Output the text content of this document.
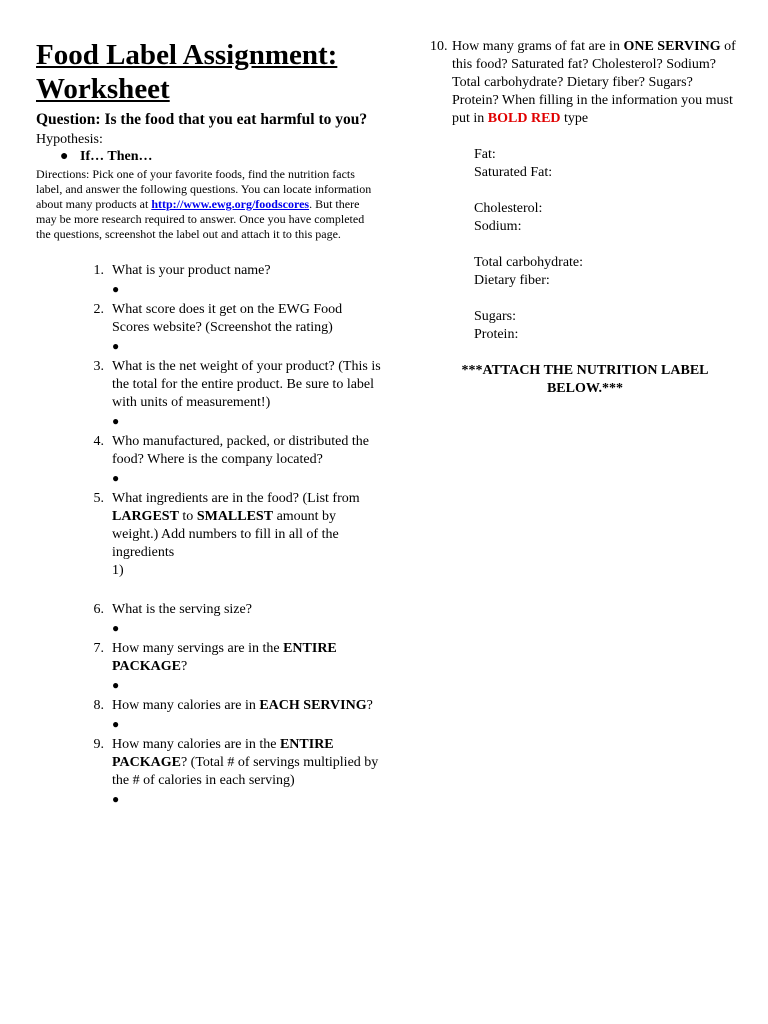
Food Label Assignment:
Worksheet
Question: Is the food that you eat harmful to you?
Hypothesis:
● If… Then…
Directions: Pick one of your favorite foods, find the nutrition facts label, and answer the following questions. You can locate information about many products at http://www.ewg.org/foodscores. But there may be more research required to answer. Once you have completed the questions, screenshot the label out and attach it to this page.
1. What is your product name?
●
2. What score does it get on the EWG Food Scores website? (Screenshot the rating)
●
3. What is the net weight of your product? (This is the total for the entire product. Be sure to label with units of measurement!)
●
4. Who manufactured, packed, or distributed the food? Where is the company located?
●
5. What ingredients are in the food? (List from LARGEST to SMALLEST amount by weight.) Add numbers to fill in all of the ingredients
1)
6. What is the serving size?
●
7. How many servings are in the ENTIRE PACKAGE?
●
8. How many calories are in EACH SERVING?
●
9. How many calories are in the ENTIRE PACKAGE? (Total # of servings multiplied by the # of calories in each serving)
●
10. How many grams of fat are in ONE SERVING of this food? Saturated fat? Cholesterol? Sodium? Total carbohydrate? Dietary fiber? Sugars? Protein? When filling in the information you must put in BOLD RED type
Fat:
Saturated Fat:
Cholesterol:
Sodium:
Total carbohydrate:
Dietary fiber:
Sugars:
Protein:
***ATTACH THE NUTRITION LABEL BELOW.***
